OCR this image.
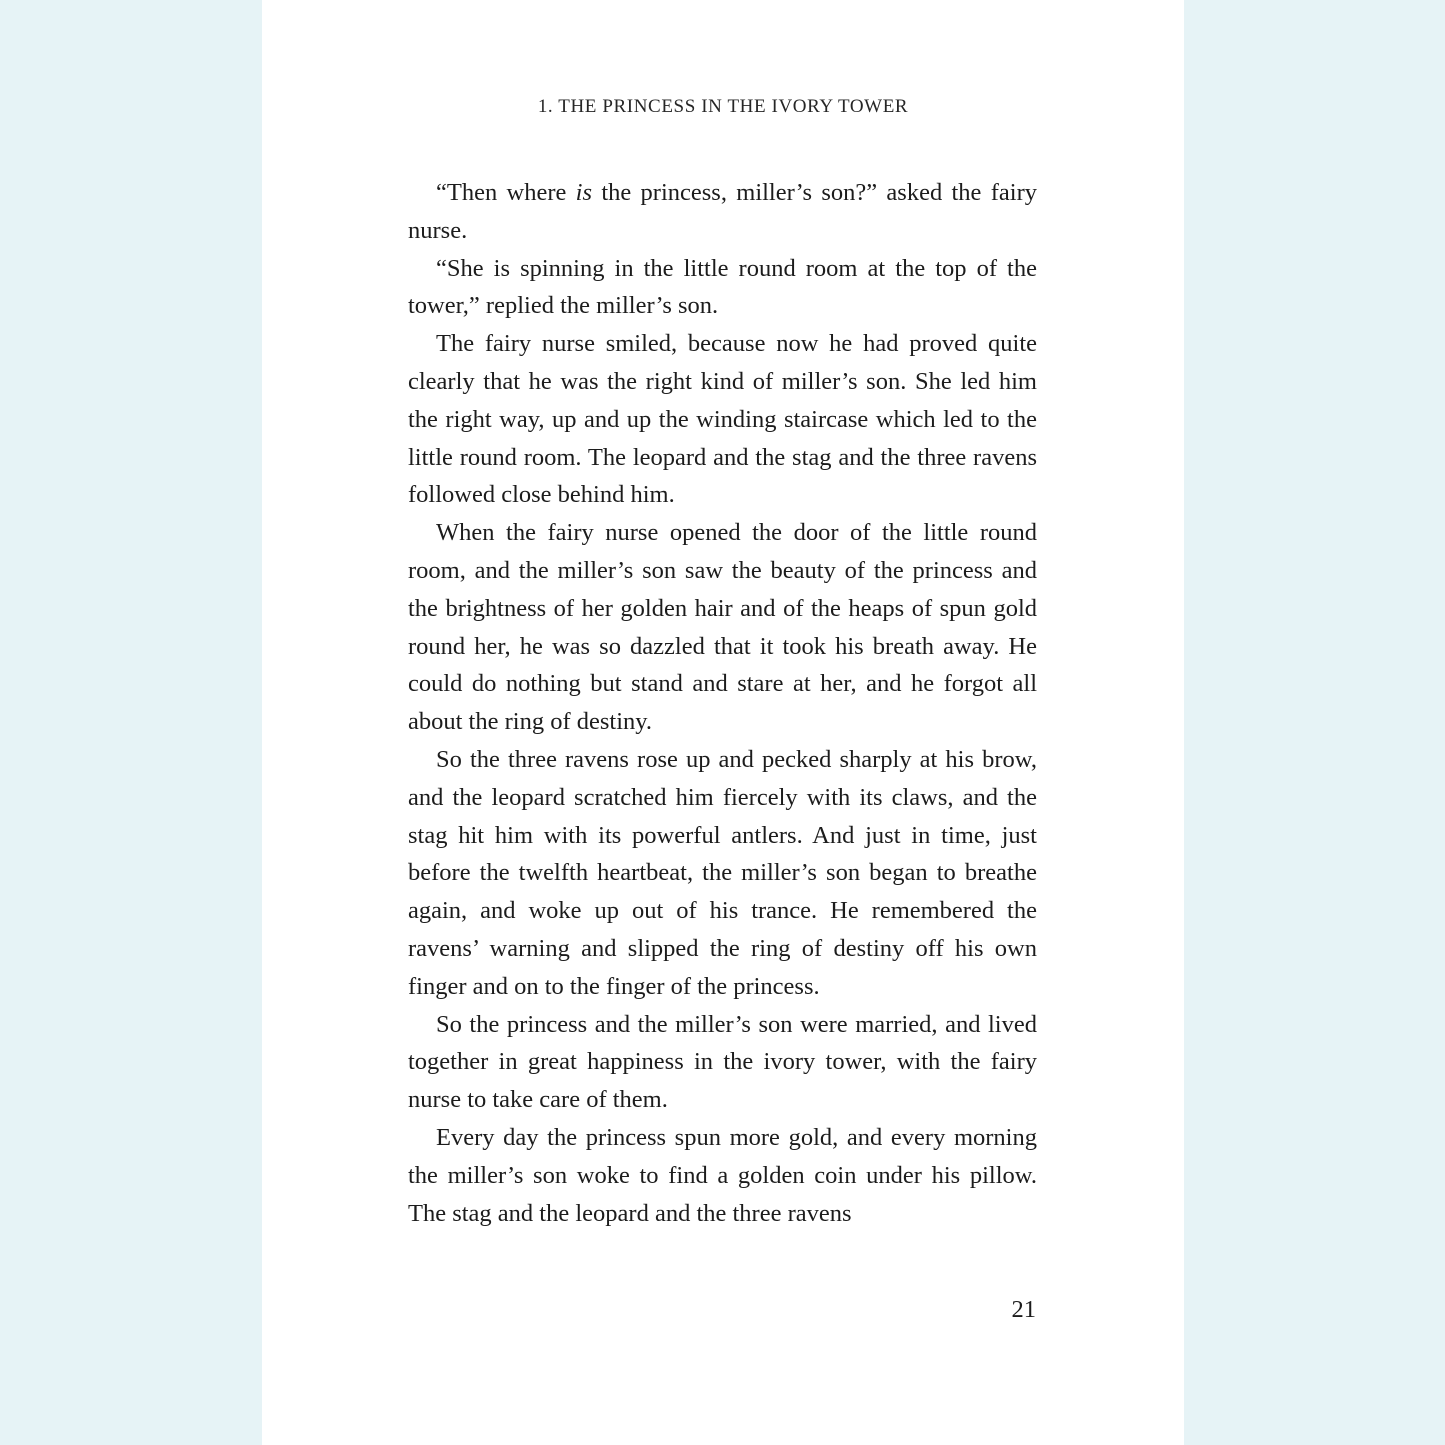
1. THE PRINCESS IN THE IVORY TOWER

“Then where is the princess, miller’s son?” asked the fairy nurse.

“She is spinning in the little round room at the top of the tower,” replied the miller’s son.

The fairy nurse smiled, because now he had proved quite clearly that he was the right kind of miller’s son. She led him the right way, up and up the winding staircase which led to the little round room. The leopard and the stag and the three ravens followed close behind him.

When the fairy nurse opened the door of the little round room, and the miller’s son saw the beauty of the princess and the brightness of her golden hair and of the heaps of spun gold round her, he was so dazzled that it took his breath away. He could do nothing but stand and stare at her, and he forgot all about the ring of destiny.

So the three ravens rose up and pecked sharply at his brow, and the leopard scratched him fiercely with its claws, and the stag hit him with its powerful antlers. And just in time, just before the twelfth heartbeat, the miller’s son began to breathe again, and woke up out of his trance. He remembered the ravens’ warning and slipped the ring of destiny off his own finger and on to the finger of the princess.

So the princess and the miller’s son were married, and lived together in great happiness in the ivory tower, with the fairy nurse to take care of them.

Every day the princess spun more gold, and every morning the miller’s son woke to find a golden coin under his pillow. The stag and the leopard and the three ravens

21
